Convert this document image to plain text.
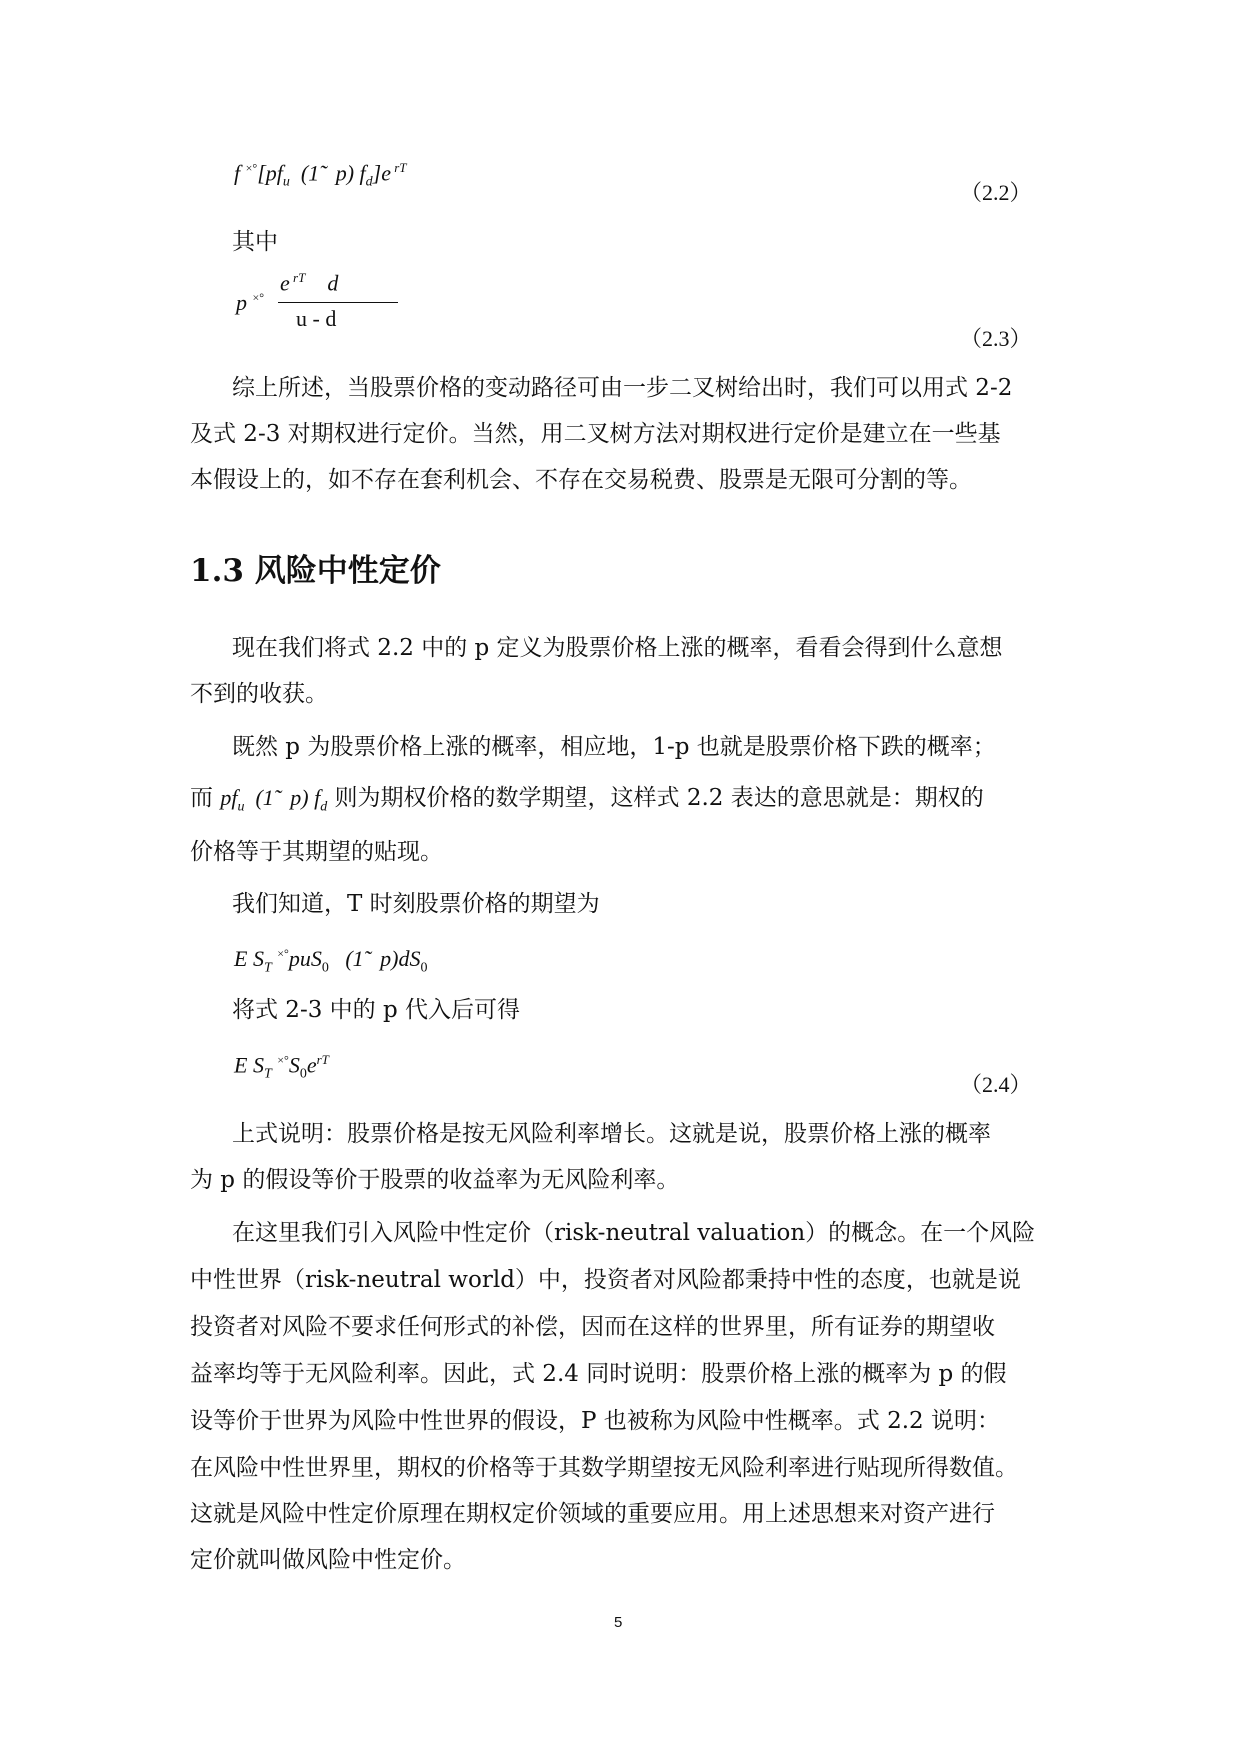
f $^{\times^\circ}[pf_u$  (1̃   p) $f_d]e$ $^{rT}$
（2.2）
其中
p ×°
e $^{rT}$    d
u - d
（2.3）
综上所述，当股票价格的变动路径可由一步二叉树给出时，我们可以用式 2-2
及式 2-3 对期权进行定价。当然，用二叉树方法对期权进行定价是建立在一些基
本假设上的，如不存在套利机会、不存在交易税费、股票是无限可分割的等。
1.3 风险中性定价
现在我们将式 2.2 中的 p 定义为股票价格上涨的概率，看看会得到什么意想
不到的收获。
既然 p 为股票价格上涨的概率，相应地，1-p 也就是股票价格下跌的概率；
而 $pf_u$  (1̃   p) $f_d$ 则为期权价格的数学期望，这样式 2.2 表达的意思就是：期权的
价格等于其期望的贴现。
我们知道，T 时刻股票价格的期望为
E $S_T$ ×°puS$_0$   (1̃   $p)dS_0$
将式 2-3 中的 p 代入后可得
E $S_T$ $^{\times^\circ}S_0e^{rT}$
（2.4）
上式说明：股票价格是按无风险利率增长。这就是说，股票价格上涨的概率
为 p 的假设等价于股票的收益率为无风险利率。
在这里我们引入风险中性定价（risk-neutral valuation）的概念。在一个风险
中性世界（risk-neutral world）中，投资者对风险都秉持中性的态度，也就是说
投资者对风险不要求任何形式的补偿，因而在这样的世界里，所有证券的期望收
益率均等于无风险利率。因此，式 2.4 同时说明：股票价格上涨的概率为 p 的假
设等价于世界为风险中性世界的假设，P 也被称为风险中性概率。式 2.2 说明：
在风险中性世界里，期权的价格等于其数学期望按无风险利率进行贴现所得数值。
这就是风险中性定价原理在期权定价领域的重要应用。用上述思想来对资产进行
定价就叫做风险中性定价。
5
